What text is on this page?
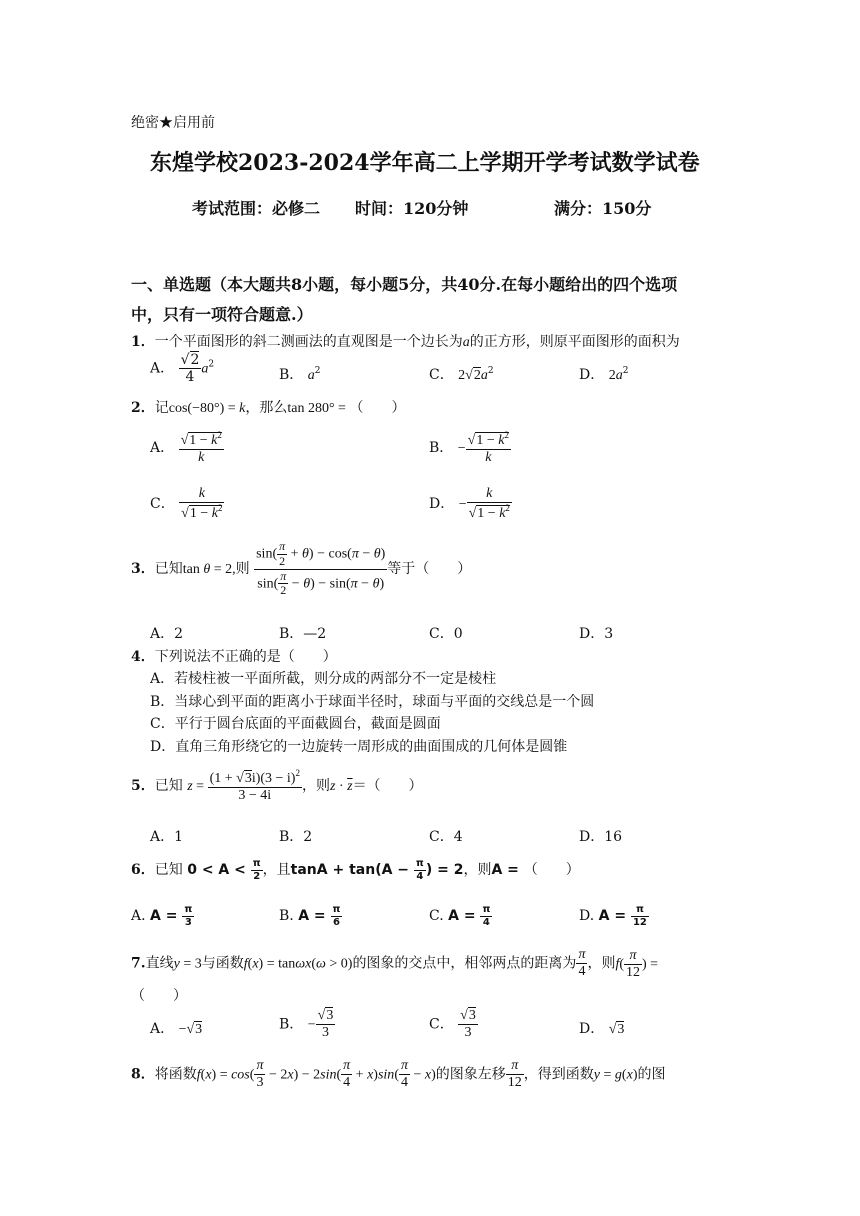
绝密★启用前
东煌学校2023-2024学年高二上学期开学考试数学试卷
考试范围：必修二 时间：120分钟	满分：150分
一、单选题（本大题共8小题，每小题5分，共40分.在每小题给出的四个选项
中，只有一项符合题意.）
1．一个平面图形的斜二测画法的直观图是一个边长为a的正方形，则原平面图形的面积为
A． $\frac{√2}{4} a^2$
B． $a^2$	C． $2√2a^2$	D． $2a^2$
2．记cos(−80°) = k，那么tan 280° = （　　）
A． $\frac{√1 - k^2}{k}$	B． − $\frac{√1 - k^2}{k}$
C． $\frac{k}{√1 - k^2}$	D． − $\frac{k}{√1 - k^2}$
3．已知tan θ = 2,则 $\frac{\sin( \frac{\pi}{2} + \theta) - \cos(\pi - \theta)}{\sin( \frac{\pi}{2} - \theta) - \sin(\pi - \theta)}$ 等于（　　）
A．2	B．—2	C．0	D．3
4．下列说法不正确的是（　　）
A．若棱柱被一平面所截，则分成的两部分不一定是棱柱
B．当球心到平面的距离小于球面半径时，球面与平面的交线总是一个圆
C．平行于圆台底面的平面截圆台，截面是圆面
D．直角三角形绕它的一边旋转一周形成的曲面围成的几何体是圆锥
5．已知 $z = \frac{(1 + √3i)(3 - i)^2}{3 - 4i}$ ，则$z \cdot \overline{z}=$（　　）
A．1	B．2	C．4	D．16
6．已知 $0 < A < \frac{\pi}{2}$ ，且$\tan A + \tan(A - \frac{\pi}{4}$ ) = 2，则A = （　　）
A. $A = \frac{\pi}{3}$	B. $A = \frac{\pi}{6}$	C. $A = \frac{\pi}{4}$	D. $A = \frac{\pi}{12}$
7.直线y = 3与函数f(x) = tanωx(ω > 0)的图象的交点中，相邻两点的距离为 $\frac{\pi}{4}$ ，则$f( \frac{\pi}{12}$ ) =
（　　）
A． −√3	B． − $\frac{√3}{3}$	C． $\frac{√3}{3}$	D． √3
8．将函数$f(x) = \cos( \frac{\pi}{3} - 2x) - 2\sin( \frac{\pi}{4} + x)\sin( \frac{\pi}{4} - x)$的图象左移 $\frac{\pi}{12}$ ，得到函数y = g(x)的图
